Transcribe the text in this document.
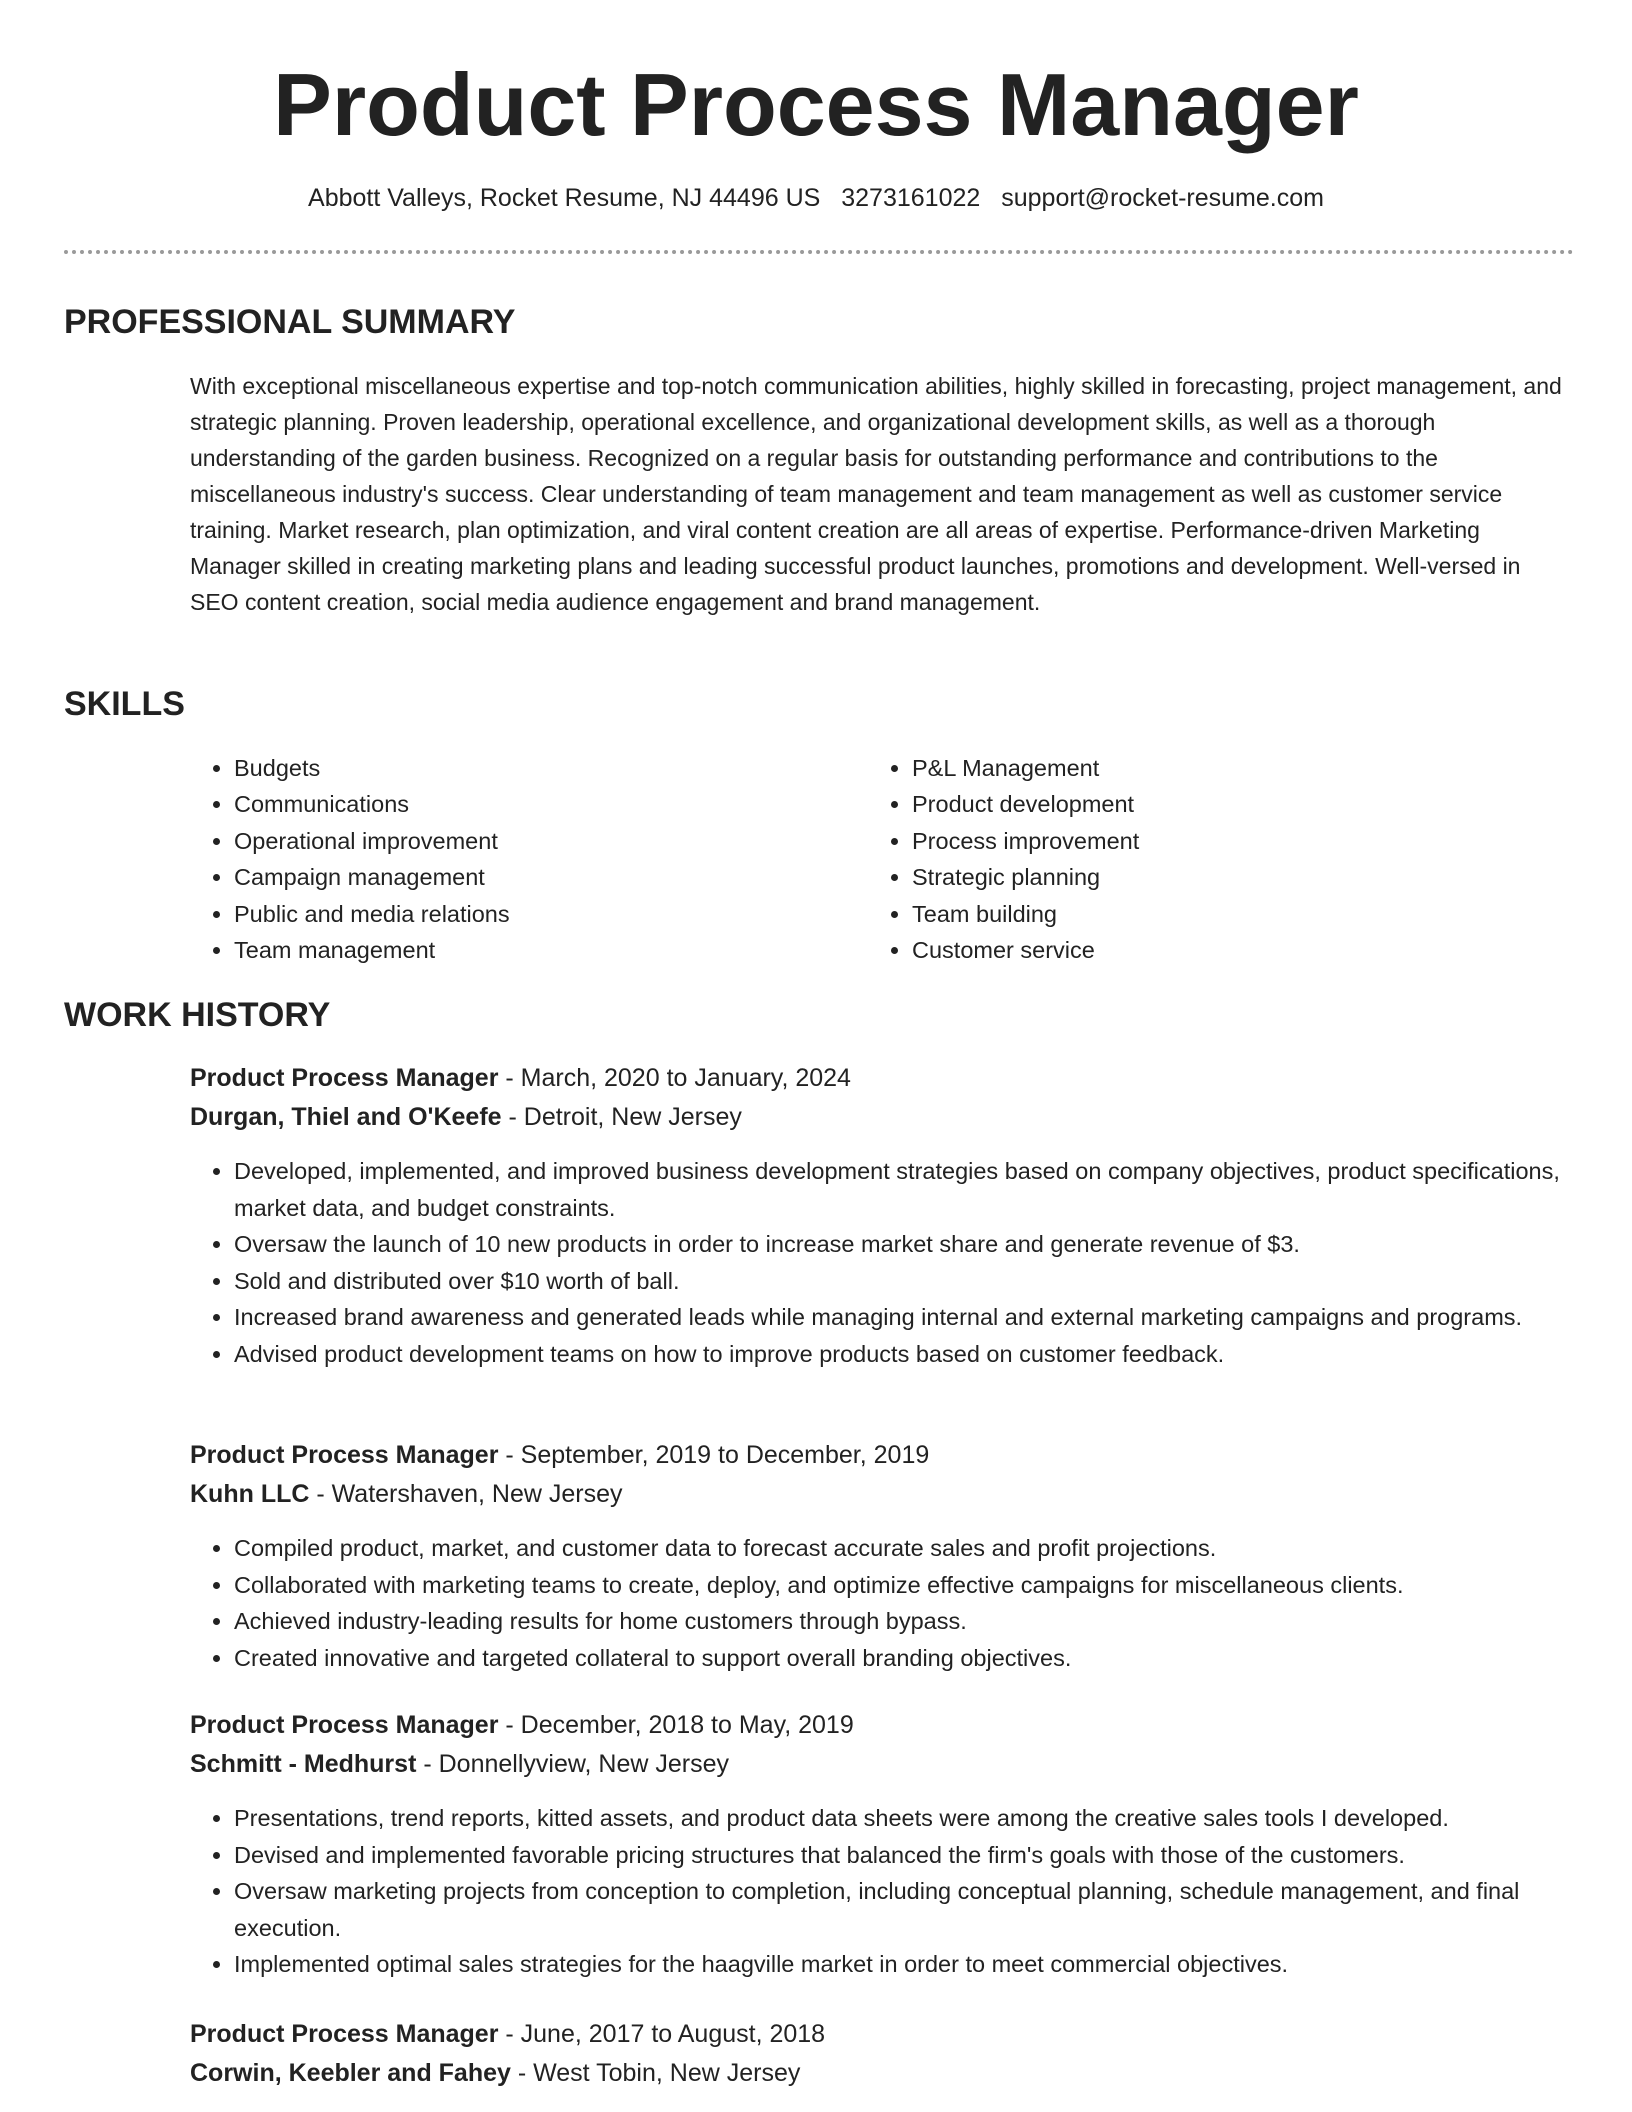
Product Process Manager
Abbott Valleys, Rocket Resume, NJ 44496 US 3273161022 support@rocket-resume.com
PROFESSIONAL SUMMARY

With exceptional miscellaneous expertise and top-notch communication abilities, highly skilled in forecasting, project management, and strategic planning. Proven leadership, operational excellence, and organizational development skills, as well as a thorough understanding of the garden business. Recognized on a regular basis for outstanding performance and contributions to the miscellaneous industry's success. Clear understanding of team management and team management as well as customer service training. Market research, plan optimization, and viral content creation are all areas of expertise. Performance-driven Marketing Manager skilled in creating marketing plans and leading successful product launches, promotions and development. Well-versed in SEO content creation, social media audience engagement and brand management.

SKILLS
• Budgets
• Communications
• Operational improvement
• Campaign management
• Public and media relations
• Team management
• P&L Management
• Product development
• Process improvement
• Strategic planning
• Team building
• Customer service
WORK HISTORY
Product Process Manager - March, 2020 to January, 2024
Durgan, Thiel and O'Keefe - Detroit, New Jersey
• Developed, implemented, and improved business development strategies based on company objectives, product specifications, market data, and budget constraints.
• Oversaw the launch of 10 new products in order to increase market share and generate revenue of $3.
• Sold and distributed over $10 worth of ball.
• Increased brand awareness and generated leads while managing internal and external marketing campaigns and programs.
• Advised product development teams on how to improve products based on customer feedback.
Product Process Manager - September, 2019 to December, 2019
Kuhn LLC - Watershaven, New Jersey
• Compiled product, market, and customer data to forecast accurate sales and profit projections.
• Collaborated with marketing teams to create, deploy, and optimize effective campaigns for miscellaneous clients.
• Achieved industry-leading results for home customers through bypass.
• Created innovative and targeted collateral to support overall branding objectives.
Product Process Manager - December, 2018 to May, 2019
Schmitt - Medhurst - Donnellyview, New Jersey
• Presentations, trend reports, kitted assets, and product data sheets were among the creative sales tools I developed.
• Devised and implemented favorable pricing structures that balanced the firm's goals with those of the customers.
• Oversaw marketing projects from conception to completion, including conceptual planning, schedule management, and final execution.
• Implemented optimal sales strategies for the haagville market in order to meet commercial objectives.
Product Process Manager - June, 2017 to August, 2018
Corwin, Keebler and Fahey - West Tobin, New Jersey
